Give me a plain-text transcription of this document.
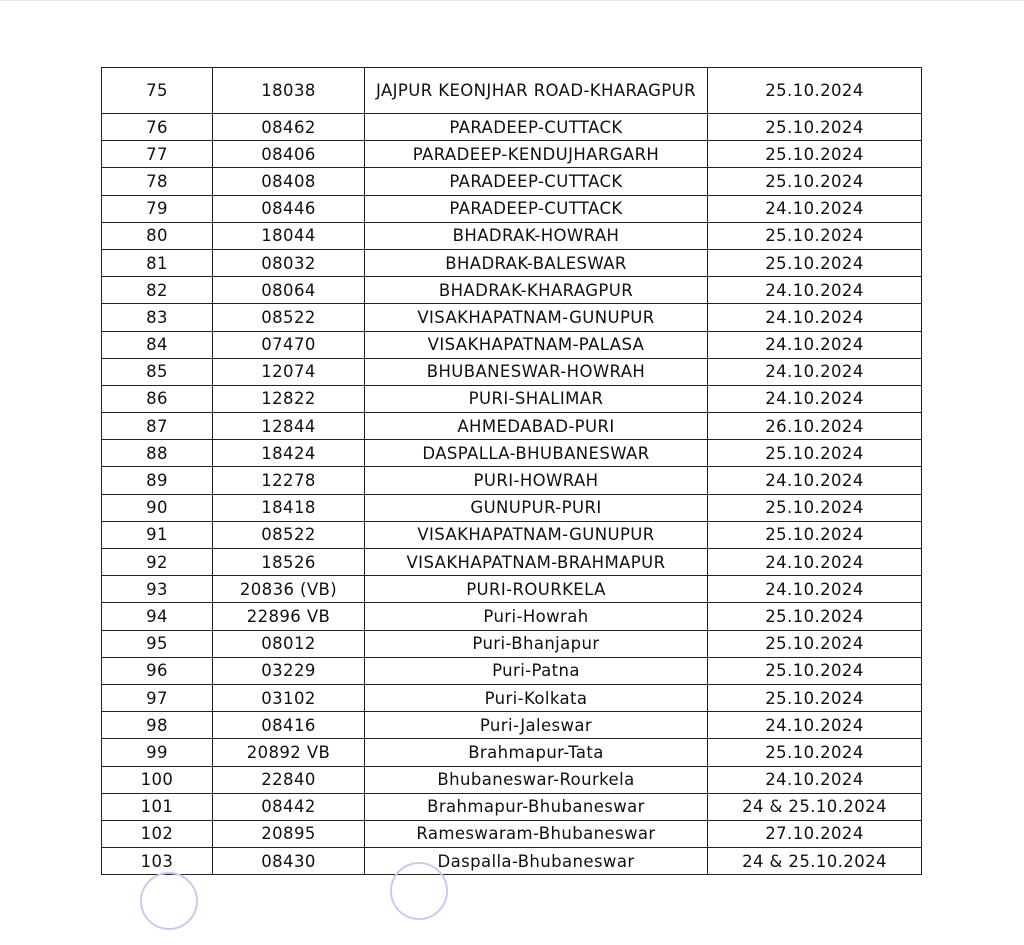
75	18038	JAJPUR KEONJHAR ROAD-KHARAGPUR	25.10.2024
76	08462	PARADEEP-CUTTACK	25.10.2024
77	08406	PARADEEP-KENDUJHARGARH	25.10.2024
78	08408	PARADEEP-CUTTACK	25.10.2024
79	08446	PARADEEP-CUTTACK	24.10.2024
80	18044	BHADRAK-HOWRAH	25.10.2024
81	08032	BHADRAK-BALESWAR	25.10.2024
82	08064	BHADRAK-KHARAGPUR	24.10.2024
83	08522	VISAKHAPATNAM-GUNUPUR	24.10.2024
84	07470	VISAKHAPATNAM-PALASA	24.10.2024
85	12074	BHUBANESWAR-HOWRAH	24.10.2024
86	12822	PURI-SHALIMAR	24.10.2024
87	12844	AHMEDABAD-PURI	26.10.2024
88	18424	DASPALLA-BHUBANESWAR	25.10.2024
89	12278	PURI-HOWRAH	24.10.2024
90	18418	GUNUPUR-PURI	25.10.2024
91	08522	VISAKHAPATNAM-GUNUPUR	25.10.2024
92	18526	VISAKHAPATNAM-BRAHMAPUR	24.10.2024
93	20836 (VB)	PURI-ROURKELA	24.10.2024
94	22896 VB	Puri-Howrah	25.10.2024
95	08012	Puri-Bhanjapur	25.10.2024
96	03229	Puri-Patna	25.10.2024
97	03102	Puri-Kolkata	25.10.2024
98	08416	Puri-Jaleswar	24.10.2024
99	20892 VB	Brahmapur-Tata	25.10.2024
100	22840	Bhubaneswar-Rourkela	24.10.2024
101	08442	Brahmapur-Bhubaneswar	24 & 25.10.2024
102	20895	Rameswaram-Bhubaneswar	27.10.2024
103	08430	Daspalla-Bhubaneswar	24 & 25.10.2024
